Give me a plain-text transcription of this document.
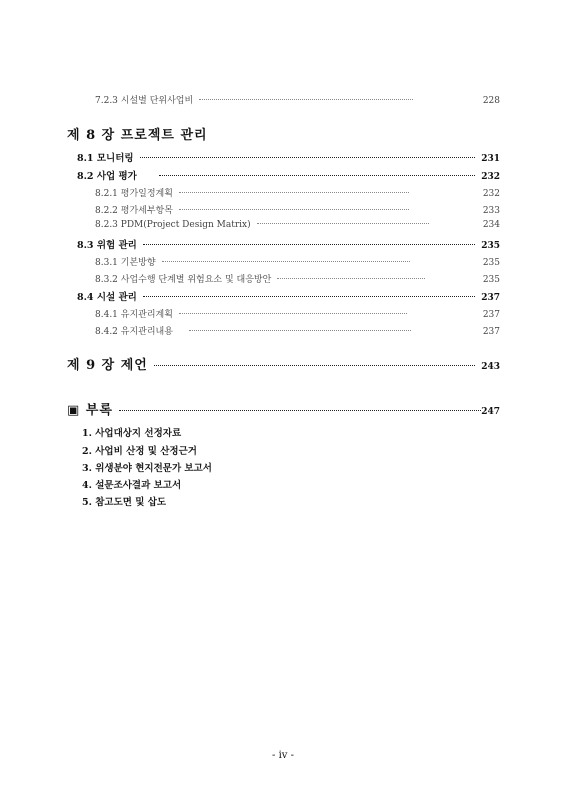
7.2.3 시설별 단위사업비	228
제 8 장 프로젝트 관리
8.1 모니터링	231
8.2 사업 평가	232
8.2.1 평가일정계획	232
8.2.2 평가세부항목	233
8.2.3 PDM(Project Design Matrix)	234
8.3 위험 관리	235
8.3.1 기본방향	235
8.3.2 사업수행 단계별 위험요소 및 대응방안	235
8.4 시설 관리	237
8.4.1 유지관리계획	237
8.4.2 유지관리내용	237
제 9 장 제언	243
▣ 부록	247
1. 사업대상지 선정자료
2. 사업비 산정 및 산정근거
3. 위생분야 현지전문가 보고서
4. 설문조사결과 보고서
5. 참고도면 및 삽도
- iv -
